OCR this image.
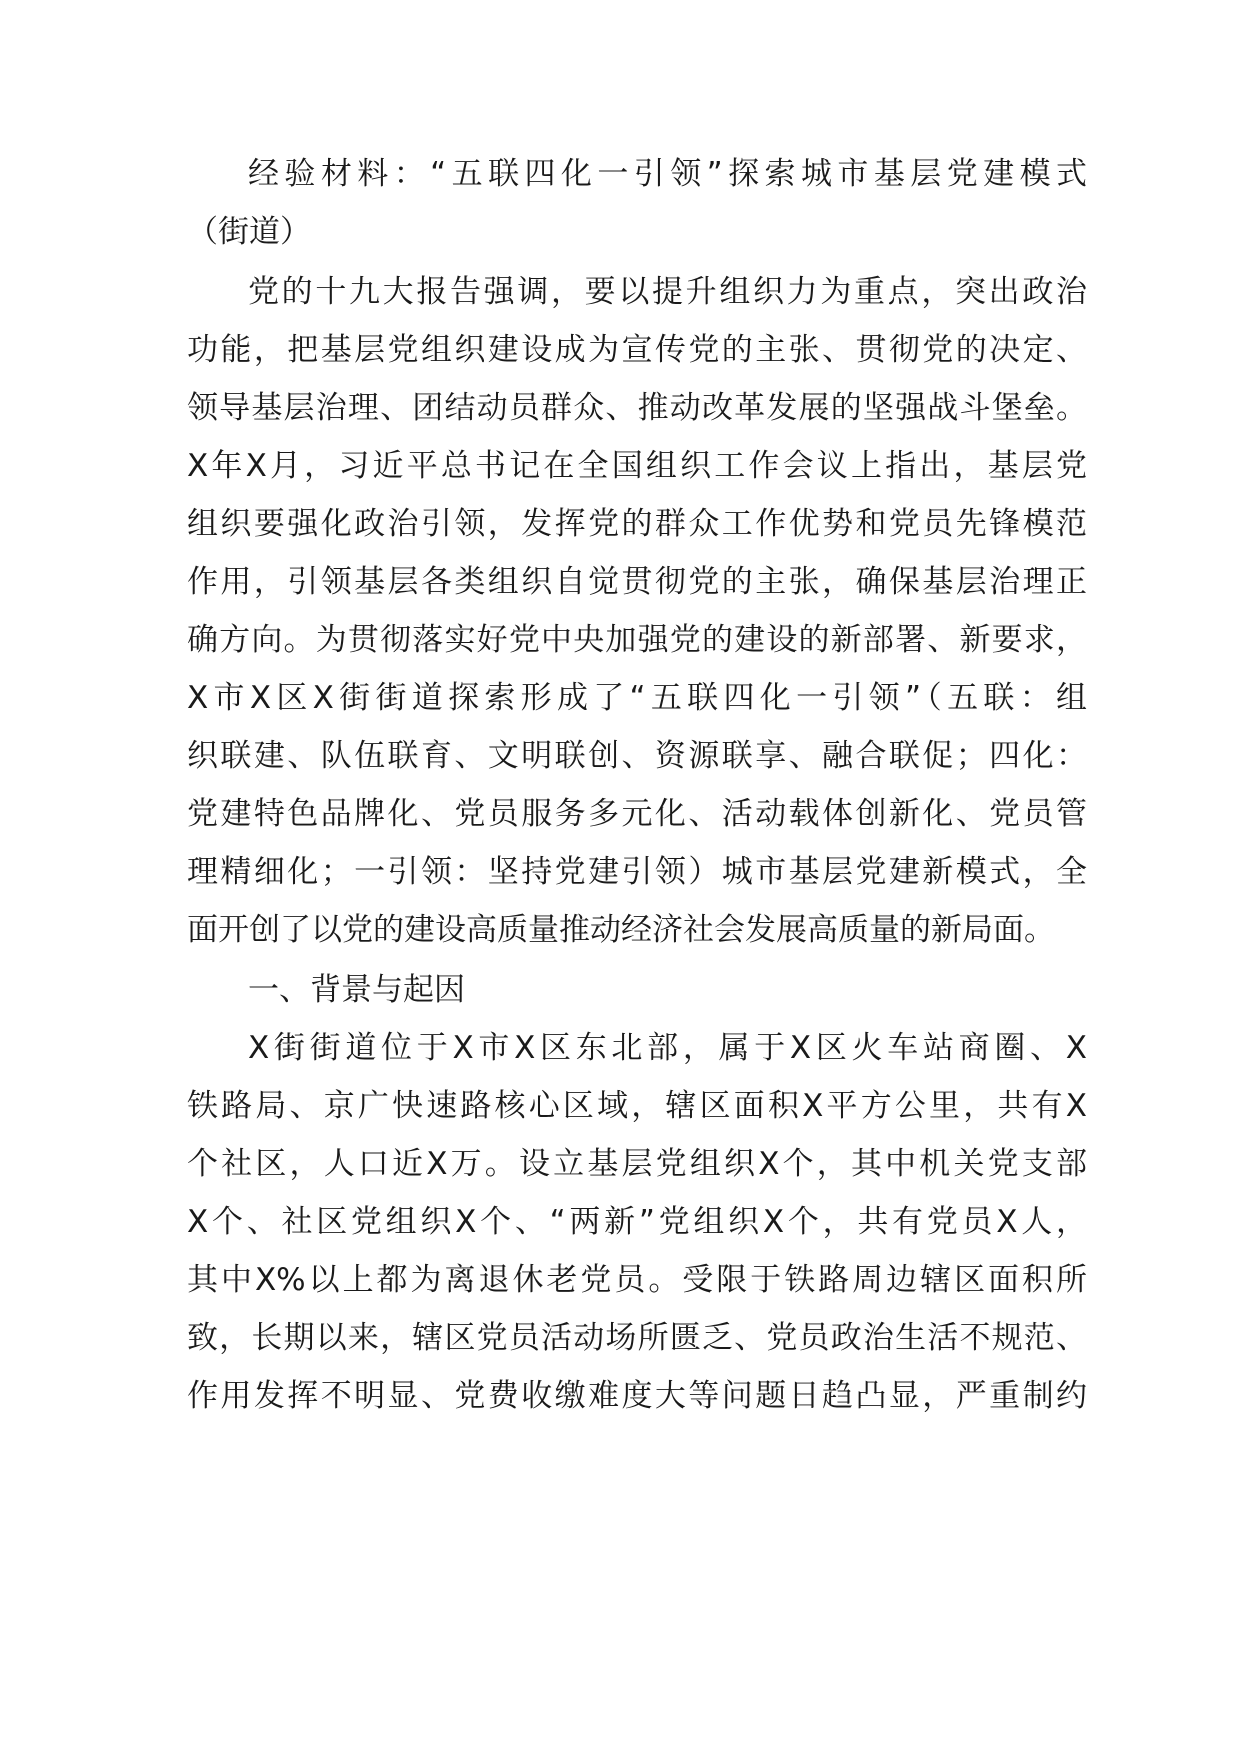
经验材料：“五联四化一引领”探索城市基层党建模式
（街道）
党的十九大报告强调，要以提升组织力为重点，突出政治
功能，把基层党组织建设成为宣传党的主张、贯彻党的决定、
领导基层治理、团结动员群众、推动改革发展的坚强战斗堡垒。
X年X月，习近平总书记在全国组织工作会议上指出，基层党
组织要强化政治引领，发挥党的群众工作优势和党员先锋模范
作用，引领基层各类组织自觉贯彻党的主张，确保基层治理正
确方向。为贯彻落实好党中央加强党的建设的新部署、新要求，
X市X区X街街道探索形成了“五联四化一引领”（五联：组
织联建、队伍联育、文明联创、资源联享、融合联促；四化：
党建特色品牌化、党员服务多元化、活动载体创新化、党员管
理精细化；一引领：坚持党建引领）城市基层党建新模式，全
面开创了以党的建设高质量推动经济社会发展高质量的新局面。
一、背景与起因
X街街道位于X市X区东北部，属于X区火车站商圈、X
铁路局、京广快速路核心区域，辖区面积X平方公里，共有X
个社区，人口近X万。设立基层党组织X个，其中机关党支部
X个、社区党组织X个、“两新”党组织X个，共有党员X人，
其中X%以上都为离退休老党员。受限于铁路周边辖区面积所
致，长期以来，辖区党员活动场所匮乏、党员政治生活不规范、
作用发挥不明显、党费收缴难度大等问题日趋凸显，严重制约
